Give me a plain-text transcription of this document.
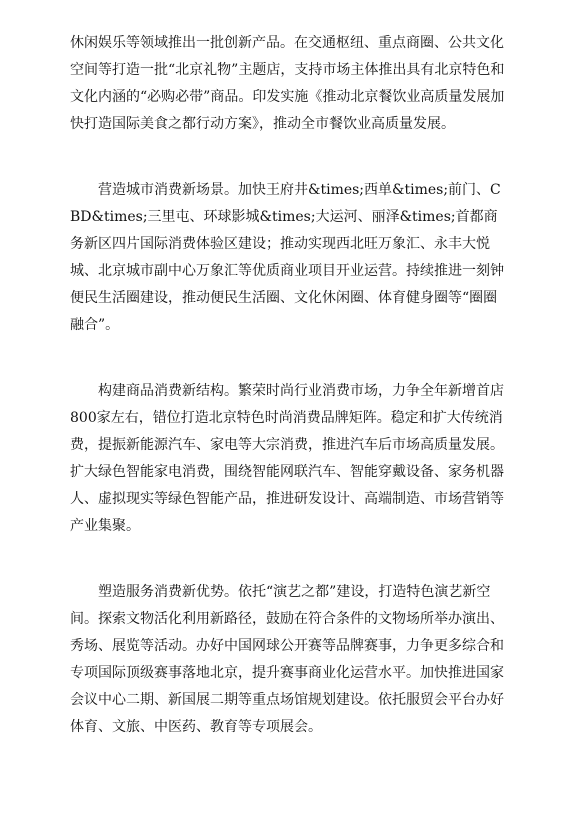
休闲娱乐等领域推出一批创新产品。在交通枢纽、重点商圈、公共文化空间等打造一批“北京礼物”主题店，支持市场主体推出具有北京特色和文化内涵的“必购必带”商品。印发实施《推动北京餐饮业高质量发展加快打造国际美食之都行动方案》，推动全市餐饮业高质量发展。

营造城市消费新场景。加快王府井&times;西单&times;前门、CBD&times;三里屯、环球影城&times;大运河、丽泽&times;首都商务新区四片国际消费体验区建设；推动实现西北旺万象汇、永丰大悦城、北京城市副中心万象汇等优质商业项目开业运营。持续推进一刻钟便民生活圈建设，推动便民生活圈、文化休闲圈、体育健身圈等“圈圈融合”。

构建商品消费新结构。繁荣时尚行业消费市场，力争全年新增首店800家左右，错位打造北京特色时尚消费品牌矩阵。稳定和扩大传统消费，提振新能源汽车、家电等大宗消费，推进汽车后市场高质量发展。扩大绿色智能家电消费，围绕智能网联汽车、智能穿戴设备、家务机器人、虚拟现实等绿色智能产品，推进研发设计、高端制造、市场营销等产业集聚。

塑造服务消费新优势。依托“演艺之都”建设，打造特色演艺新空间。探索文物活化利用新路径，鼓励在符合条件的文物场所举办演出、秀场、展览等活动。办好中国网球公开赛等品牌赛事，力争更多综合和专项国际顶级赛事落地北京，提升赛事商业化运营水平。加快推进国家会议中心二期、新国展二期等重点场馆规划建设。依托服贸会平台办好体育、文旅、中医药、教育等专项展会。
